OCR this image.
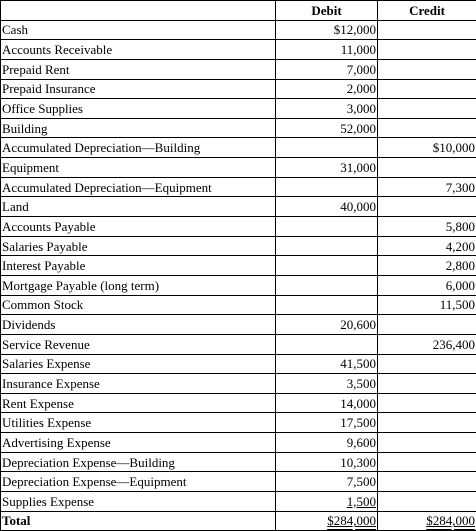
	Debit	Credit
Cash	$12,000	
Accounts Receivable	11,000	
Prepaid Rent	7,000	
Prepaid Insurance	2,000	
Office Supplies	3,000	
Building	52,000	
Accumulated Depreciation—Building		$10,000
Equipment	31,000	
Accumulated Depreciation—Equipment		7,300
Land	40,000	
Accounts Payable		5,800
Salaries Payable		4,200
Interest Payable		2,800
Mortgage Payable (long term)		6,000
Common Stock		11,500
Dividends	20,600	
Service Revenue		236,400
Salaries Expense	41,500	
Insurance Expense	3,500	
Rent Expense	14,000	
Utilities Expense	17,500	
Advertising Expense	9,600	
Depreciation Expense—Building	10,300	
Depreciation Expense—Equipment	7,500	
Supplies Expense	1,500	
Total	$284,000	$284,000
